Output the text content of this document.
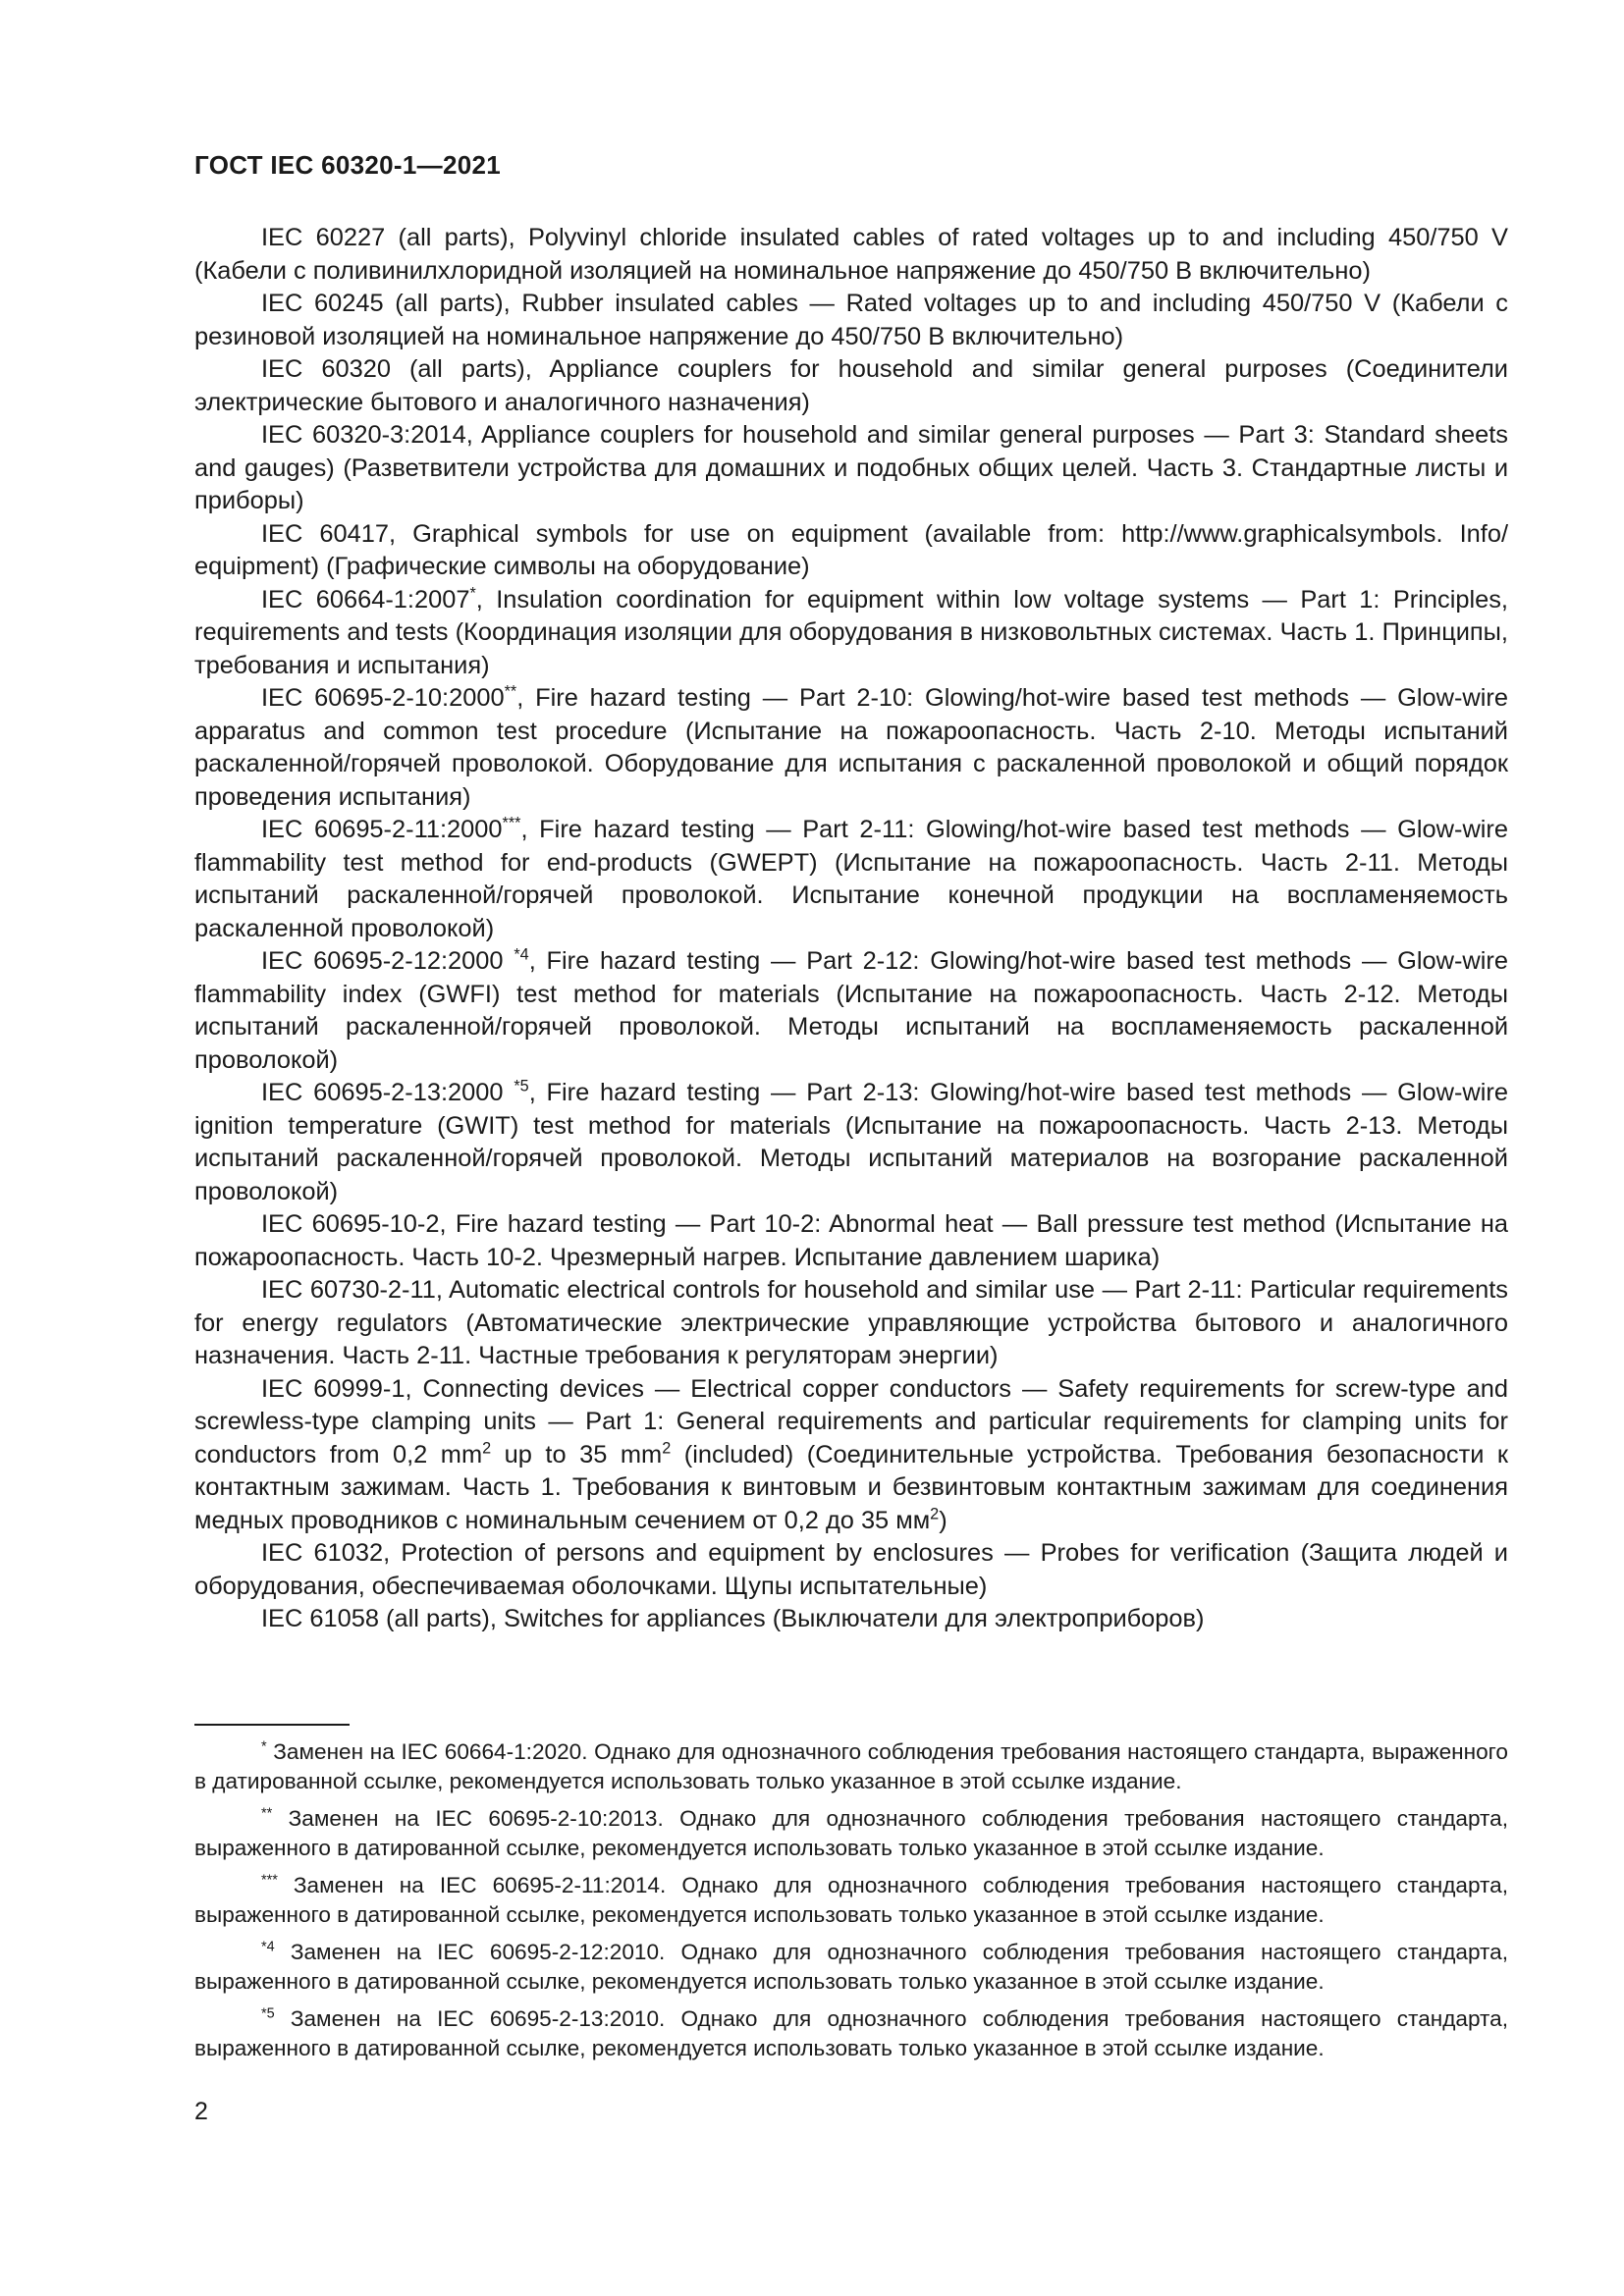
ГОСТ IEC 60320-1—2021

IEC 60227 (all parts), Polyvinyl chloride insulated cables of rated voltages up to and including 450/750 V (Кабели с поливинилхлоридной изоляцией на номинальное напряжение до 450/750 В включительно)

IEC 60245 (all parts), Rubber insulated cables — Rated voltages up to and including 450/750 V (Кабели с резиновой изоляцией на номинальное напряжение до 450/750 В включительно)

IEC 60320 (all parts), Appliance couplers for household and similar general purposes (Соединители электрические бытового и аналогичного назначения)

IEC 60320-3:2014, Appliance couplers for household and similar general purposes — Part 3: Standard sheets and gauges) (Разветвители устройства для домашних и подобных общих целей. Часть 3. Стандартные листы и приборы)

IEC 60417, Graphical symbols for use on equipment (available from: http://www.graphicalsymbols. Info/ equipment) (Графические символы на оборудование)

IEC 60664-1:2007*, Insulation coordination for equipment within low voltage systems — Part 1: Principles, requirements and tests (Координация изоляции для оборудования в низковольтных системах. Часть 1. Принципы, требования и испытания)

IEC 60695-2-10:2000**, Fire hazard testing — Part 2-10: Glowing/hot-wire based test methods — Glow-wire apparatus and common test procedure (Испытание на пожароопасность. Часть 2-10. Методы испытаний раскаленной/горячей проволокой. Оборудование для испытания с раскаленной проволокой и общий порядок проведения испытания)

IEC 60695-2-11:2000***, Fire hazard testing — Part 2-11: Glowing/hot-wire based test methods — Glow-wire flammability test method for end-products (GWEPT) (Испытание на пожароопасность. Часть 2-11. Методы испытаний раскаленной/горячей проволокой. Испытание конечной продукции на воспламеняемость раскаленной проволокой)

IEC 60695-2-12:2000 $^{*4}$, Fire hazard testing — Part 2-12: Glowing/hot-wire based test methods — Glow-wire flammability index (GWFI) test method for materials (Испытание на пожароопасность. Часть 2-12. Методы испытаний раскаленной/горячей проволокой. Методы испытаний на воспламеняемость раскаленной проволокой)

IEC 60695-2-13:2000 $^{*5}$, Fire hazard testing — Part 2-13: Glowing/hot-wire based test methods — Glow-wire ignition temperature (GWIT) test method for materials (Испытание на пожароопасность. Часть 2-13. Методы испытаний раскаленной/горячей проволокой. Методы испытаний материалов на возгорание раскаленной проволокой)

IEC 60695-10-2, Fire hazard testing — Part 10-2: Abnormal heat — Ball pressure test method (Испытание на пожароопасность. Часть 10-2. Чрезмерный нагрев. Испытание давлением шарика)

IEC 60730-2-11, Automatic electrical controls for household and similar use — Part 2-11: Particular requirements for energy regulators (Автоматические электрические управляющие устройства бытового и аналогичного назначения. Часть 2-11. Частные требования к регуляторам энергии)

IEC 60999-1, Connecting devices — Electrical copper conductors — Safety requirements for screw-type and screwless-type clamping units — Part 1: General requirements and particular requirements for clamping units for conductors from 0,2 $mm^2$ up to 35 $mm^2$ (included) (Соединительные устройства. Требования безопасности к контактным зажимам. Часть 1. Требования к винтовым и безвинтовым контактным зажимам для соединения медных проводников с номинальным сечением от 0,2 до 35 $мм^2$)

IEC 61032, Protection of persons and equipment by enclosures — Probes for verification (Защита людей и оборудования, обеспечиваемая оболочками. Щупы испытательные)

IEC 61058 (all parts), Switches for appliances (Выключатели для электроприборов)

* Заменен на IEC 60664-1:2020. Однако для однозначного соблюдения требования настоящего стандарта, выраженного в датированной ссылке, рекомендуется использовать только указанное в этой ссылке издание.

** Заменен на IEC 60695-2-10:2013. Однако для однозначного соблюдения требования настоящего стандарта, выраженного в датированной ссылке, рекомендуется использовать только указанное в этой ссылке издание.

*** Заменен на IEC 60695-2-11:2014. Однако для однозначного соблюдения требования настоящего стандарта, выраженного в датированной ссылке, рекомендуется использовать только указанное в этой ссылке издание.

$^{*4}$ Заменен на IEC 60695-2-12:2010. Однако для однозначного соблюдения требования настоящего стандарта, выраженного в датированной ссылке, рекомендуется использовать только указанное в этой ссылке издание.

$^{*5}$ Заменен на IEC 60695-2-13:2010. Однако для однозначного соблюдения требования настоящего стандарта, выраженного в датированной ссылке, рекомендуется использовать только указанное в этой ссылке издание.

2
